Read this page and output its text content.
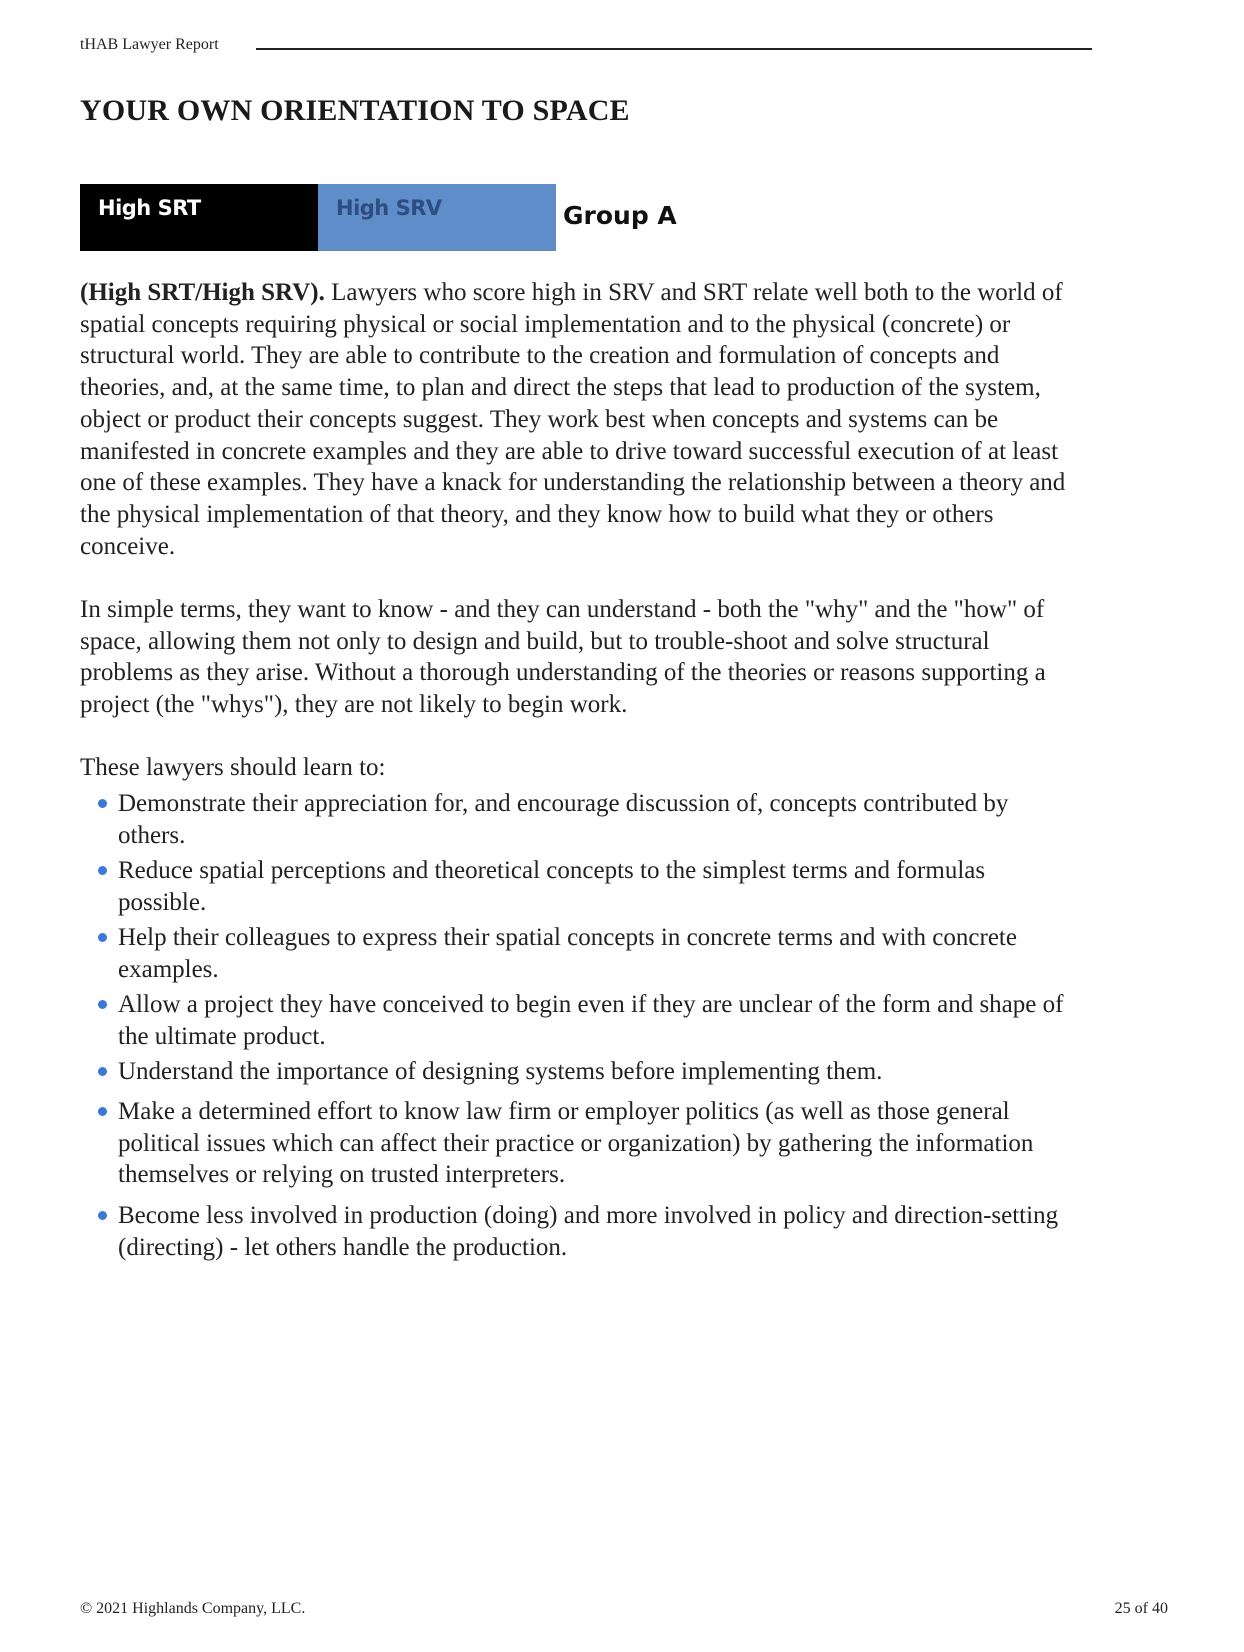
tHAB Lawyer Report
YOUR OWN ORIENTATION TO SPACE
High SRT	High SRV	Group A
(High SRT/High SRV). Lawyers who score high in SRV and SRT relate well both to the world of spatial concepts requiring physical or social implementation and to the physical (concrete) or structural world. They are able to contribute to the creation and formulation of concepts and theories, and, at the same time, to plan and direct the steps that lead to production of the system, object or product their concepts suggest. They work best when concepts and systems can be manifested in concrete examples and they are able to drive toward successful execution of at least one of these examples. They have a knack for understanding the relationship between a theory and the physical implementation of that theory, and they know how to build what they or others conceive.
In simple terms, they want to know - and they can understand - both the "why" and the "how" of space, allowing them not only to design and build, but to trouble-shoot and solve structural problems as they arise. Without a thorough understanding of the theories or reasons supporting a project (the "whys"), they are not likely to begin work.
These lawyers should learn to:
Demonstrate their appreciation for, and encourage discussion of, concepts contributed by others.
Reduce spatial perceptions and theoretical concepts to the simplest terms and formulas possible.
Help their colleagues to express their spatial concepts in concrete terms and with concrete examples.
Allow a project they have conceived to begin even if they are unclear of the form and shape of the ultimate product.
Understand the importance of designing systems before implementing them.
Make a determined effort to know law firm or employer politics (as well as those general political issues which can affect their practice or organization) by gathering the information themselves or relying on trusted interpreters.
Become less involved in production (doing) and more involved in policy and direction-setting (directing) - let others handle the production.
© 2021 Highlands Company, LLC.	25 of 40
